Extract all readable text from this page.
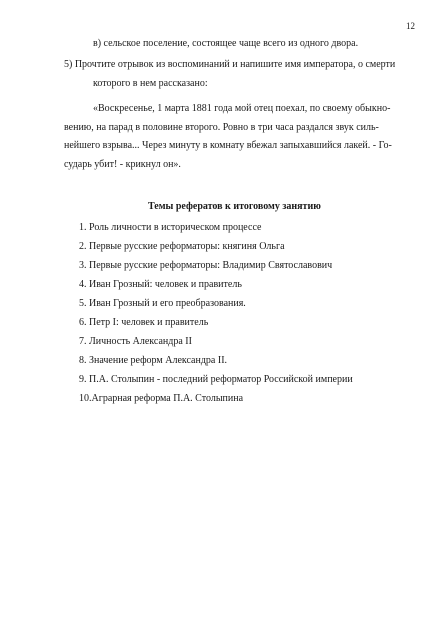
12
в) сельское поселение, состоящее чаще всего из одного двора.
5) Прочтите отрывок из воспоминаний и напишите имя императора, о смерти
которого в нем рассказано:
«Воскресенье, 1 марта 1881 года мой отец поехал, по своему обыкно-
вению, на парад в половине второго. Ровно в три часа раздался звук силь-
нейшего взрыва... Через минуту в комнату вбежал запыхавшийся лакей. - Го-
сударь убит! - крикнул он».
Темы рефератов к итоговому занятию
1. Роль личности в историческом процессе
2. Первые русские реформаторы: княгиня Ольга
3. Первые русские реформаторы: Владимир Святославович
4. Иван Грозный: человек и правитель
5. Иван Грозный и его преобразования.
6. Петр I: человек и правитель
7. Личность Александра II
8. Значение реформ Александра II.
9. П.А. Столыпин - последний реформатор Российской империи
10.Аграрная реформа П.А. Столыпина
